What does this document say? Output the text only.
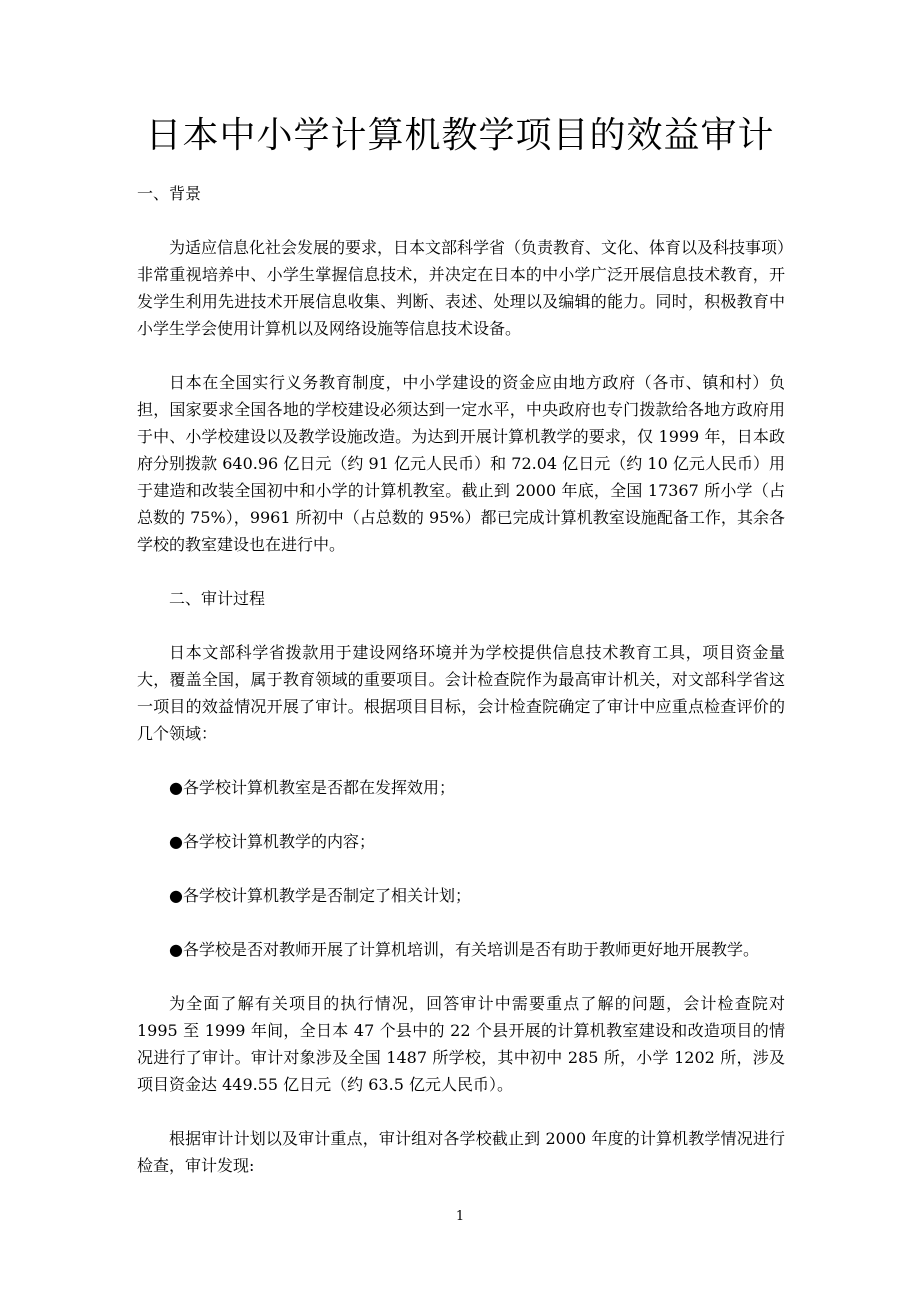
日本中小学计算机教学项目的效益审计

一、背景

为适应信息化社会发展的要求，日本文部科学省（负责教育、文化、体育以及科技事项）非常重视培养中、小学生掌握信息技术，并决定在日本的中小学广泛开展信息技术教育，开发学生利用先进技术开展信息收集、判断、表述、处理以及编辑的能力。同时，积极教育中小学生学会使用计算机以及网络设施等信息技术设备。

日本在全国实行义务教育制度，中小学建设的资金应由地方政府（各市、镇和村）负担，国家要求全国各地的学校建设必须达到一定水平，中央政府也专门拨款给各地方政府用于中、小学校建设以及教学设施改造。为达到开展计算机教学的要求，仅 1999 年，日本政府分别拨款 640.96 亿日元（约 91 亿元人民币）和 72.04 亿日元（约 10 亿元人民币）用于建造和改装全国初中和小学的计算机教室。截止到 2000 年底，全国 17367 所小学（占总数的 75%），9961 所初中（占总数的 95%）都已完成计算机教室设施配备工作，其余各学校的教室建设也在进行中。

二、审计过程

日本文部科学省拨款用于建设网络环境并为学校提供信息技术教育工具，项目资金量大，覆盖全国，属于教育领域的重要项目。会计检查院作为最高审计机关，对文部科学省这一项目的效益情况开展了审计。根据项目目标，会计检查院确定了审计中应重点检查评价的几个领域：

●各学校计算机教室是否都在发挥效用；

●各学校计算机教学的内容；

●各学校计算机教学是否制定了相关计划；

●各学校是否对教师开展了计算机培训，有关培训是否有助于教师更好地开展教学。

为全面了解有关项目的执行情况，回答审计中需要重点了解的问题，会计检查院对 1995 至 1999 年间，全日本 47 个县中的 22 个县开展的计算机教室建设和改造项目的情况进行了审计。审计对象涉及全国 1487 所学校，其中初中 285 所，小学 1202 所，涉及项目资金达 449.55 亿日元（约 63.5 亿元人民币）。

根据审计计划以及审计重点，审计组对各学校截止到 2000 年度的计算机教学情况进行检查，审计发现:

1
